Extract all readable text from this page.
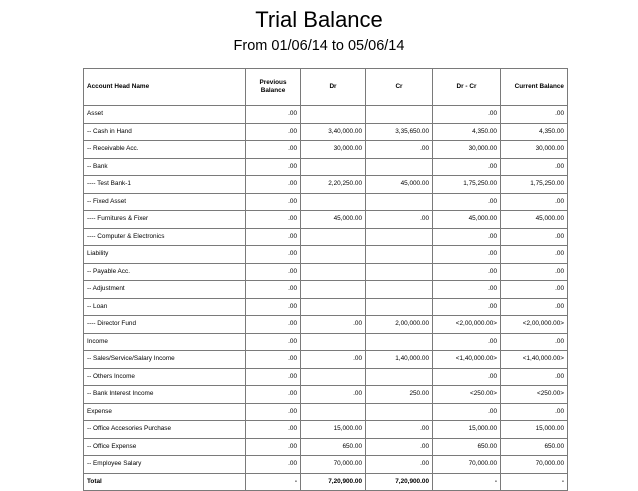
Trial Balance
From 01/06/14 to 05/06/14
Account Head Name	Previous Balance	Dr	Cr	Dr - Cr	Current Balance
Asset	.00			.00	.00
-- Cash in Hand	.00	3,40,000.00	3,35,650.00	4,350.00	4,350.00
-- Receivable Acc.	.00	30,000.00	.00	30,000.00	30,000.00
-- Bank	.00			.00	.00
---- Test Bank-1	.00	2,20,250.00	45,000.00	1,75,250.00	1,75,250.00
-- Fixed Asset	.00			.00	.00
---- Furnitures & Fixer	.00	45,000.00	.00	45,000.00	45,000.00
---- Computer & Electronics	.00			.00	.00
Liability	.00			.00	.00
-- Payable Acc.	.00			.00	.00
-- Adjustment	.00			.00	.00
-- Loan	.00			.00	.00
---- Director Fund	.00	.00	2,00,000.00	<2,00,000.00>	<2,00,000.00>
Income	.00			.00	.00
-- Sales/Service/Salary Income	.00	.00	1,40,000.00	<1,40,000.00>	<1,40,000.00>
-- Others Income	.00			.00	.00
-- Bank Interest Income	.00	.00	250.00	<250.00>	<250.00>
Expense	.00			.00	.00
-- Office Accesories Purchase	.00	15,000.00	.00	15,000.00	15,000.00
-- Office Expense	.00	650.00	.00	650.00	650.00
-- Employee Salary	.00	70,000.00	.00	70,000.00	70,000.00
Total	-	7,20,900.00	7,20,900.00	-	-
